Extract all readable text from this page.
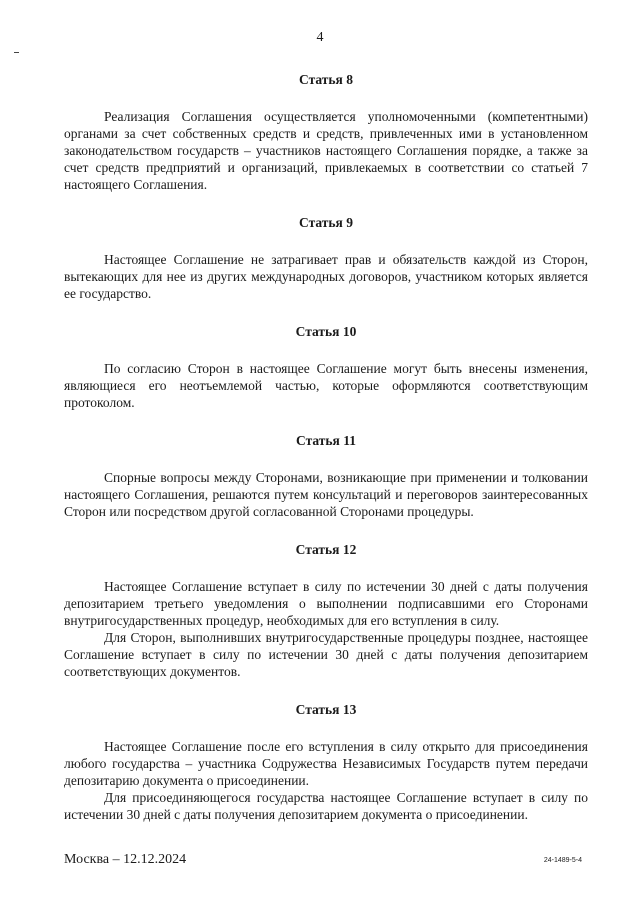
4
Статья 8

Реализация Соглашения осуществляется уполномоченными (компетентными) органами за счет собственных средств и средств, привлеченных ими в установленном законодательством государств – участников настоящего Соглашения порядке, а также за счет средств предприятий и организаций, привлекаемых в соответствии со статьей 7 настоящего Соглашения.

Статья 9

Настоящее Соглашение не затрагивает прав и обязательств каждой из Сторон, вытекающих для нее из других международных договоров, участником которых является ее государство.

Статья 10

По согласию Сторон в настоящее Соглашение могут быть внесены изменения, являющиеся его неотъемлемой частью, которые оформляются соответствующим протоколом.

Статья 11

Спорные вопросы между Сторонами, возникающие при применении и толковании настоящего Соглашения, решаются путем консультаций и переговоров заинтересованных Сторон или посредством другой согласованной Сторонами процедуры.

Статья 12

Настоящее Соглашение вступает в силу по истечении 30 дней с даты получения депозитарием третьего уведомления о выполнении подписавшими его Сторонами внутригосударственных процедур, необходимых для его вступления в силу.

Для Сторон, выполнивших внутригосударственные процедуры позднее, настоящее Соглашение вступает в силу по истечении 30 дней с даты получения депозитарием соответствующих документов.

Статья 13

Настоящее Соглашение после его вступления в силу открыто для присоединения любого государства – участника Содружества Независимых Государств путем передачи депозитарию документа о присоединении.

Для присоединяющегося государства настоящее Соглашение вступает в силу по истечении 30 дней с даты получения депозитарием документа о присоединении.

Москва – 12.12.2024	24-1489-5-4
